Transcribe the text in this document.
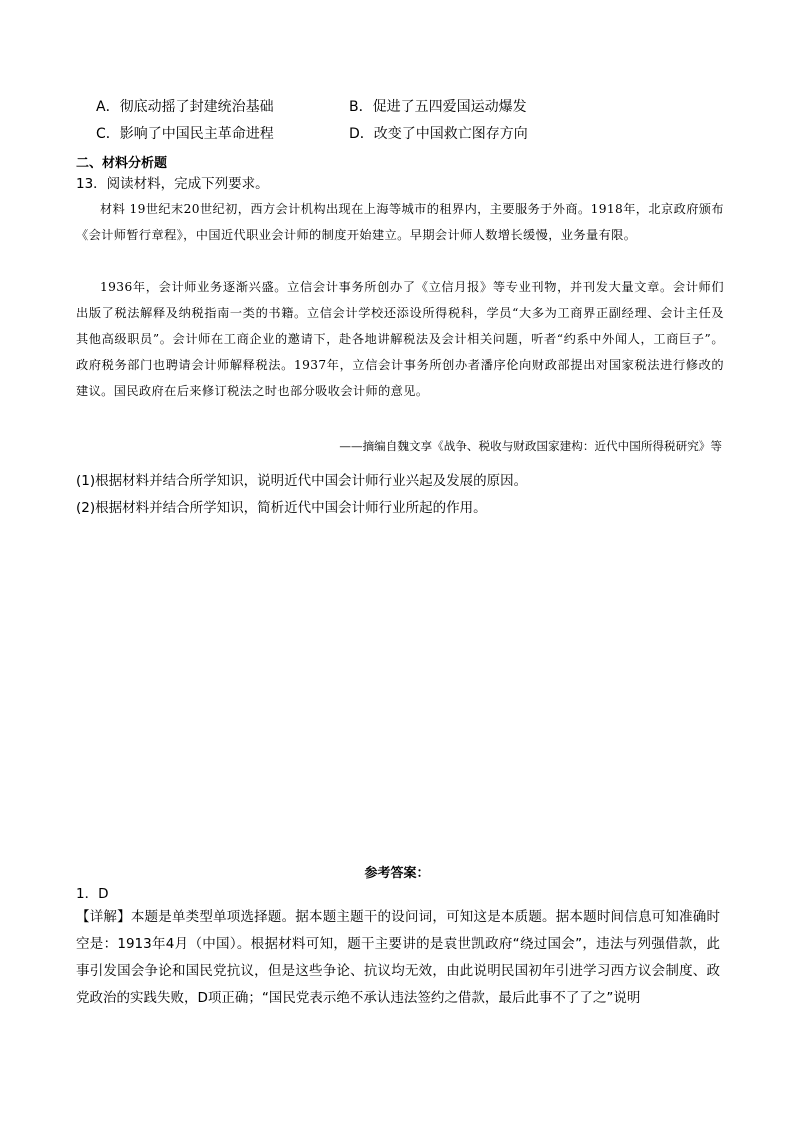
A．彻底动摇了封建统治基础	B．促进了五四爱国运动爆发
C．影响了中国民主革命进程	D．改变了中国救亡图存方向
二、材料分析题
13．阅读材料，完成下列要求。
材料 19世纪末20世纪初，西方会计机构出现在上海等城市的租界内，主要服务于外商。1918年，北京政府颁布《会计师暂行章程》，中国近代职业会计师的制度开始建立。早期会计师人数增长缓慢，业务量有限。
1936年，会计师业务逐渐兴盛。立信会计事务所创办了《立信月报》等专业刊物，并刊发大量文章。会计师们出版了税法解释及纳税指南一类的书籍。立信会计学校还添设所得税科，学员“大多为工商界正副经理、会计主任及其他高级职员”。会计师在工商企业的邀请下，赴各地讲解税法及会计相关问题，听者“约系中外闻人，工商巨子”。政府税务部门也聘请会计师解释税法。1937年，立信会计事务所创办者潘序伦向财政部提出对国家税法进行修改的建议。国民政府在后来修订税法之时也部分吸收会计师的意见。
——摘编自魏文享《战争、税收与财政国家建构：近代中国所得税研究》等
(1)根据材料并结合所学知识，说明近代中国会计师行业兴起及发展的原因。
(2)根据材料并结合所学知识，简析近代中国会计师行业所起的作用。
参考答案：
1．D
【详解】本题是单类型单项选择题。据本题主题干的设问词，可知这是本质题。据本题时间信息可知准确时空是：1913年4月（中国）。根据材料可知，题干主要讲的是袁世凯政府“绕过国会”，违法与列强借款，此事引发国会争论和国民党抗议，但是这些争论、抗议均无效，由此说明民国初年引进学习西方议会制度、政党政治的实践失败，D项正确；“国民党表示绝不承认违法签约之借款，最后此事不了了之”说明
